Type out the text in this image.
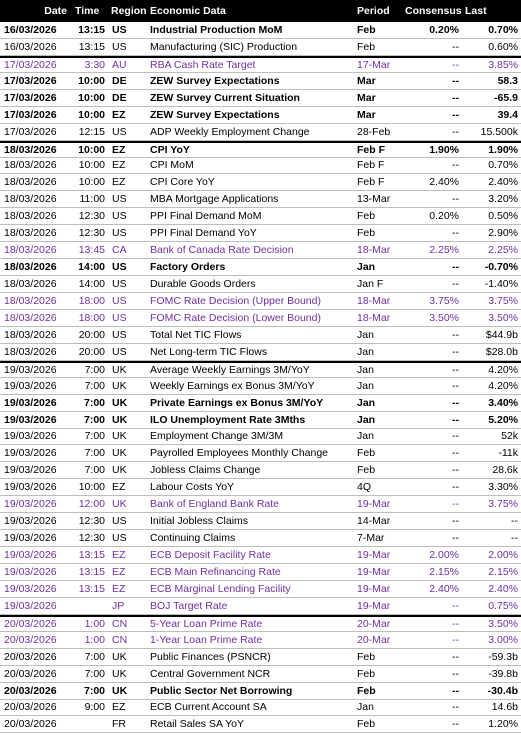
Date Time	Region Economic Data	Period	Consensus Last
16/03/2026	13:15 US	Industrial Production MoM	Feb	0.20%	0.70%
16/03/2026	13:15 US	Manufacturing (SIC) Production	Feb	--	0.60%
17/03/2026	3:30 AU	RBA Cash Rate Target	17-Mar	--	3.85%
17/03/2026	10:00 DE	ZEW Survey Expectations	Mar	--	58.3
17/03/2026	10:00 DE	ZEW Survey Current Situation	Mar	--	-65.9
17/03/2026	10:00 EZ	ZEW Survey Expectations	Mar	--	39.4
17/03/2026	12:15 US	ADP Weekly Employment Change	28-Feb	--	15.500k
18/03/2026	10:00 EZ	CPI YoY	Feb F	1.90%	1.90%
18/03/2026	10:00 EZ	CPI MoM	Feb F	--	0.70%
18/03/2026	10:00 EZ	CPI Core YoY	Feb F	2.40%	2.40%
18/03/2026	11:00 US	MBA Mortgage Applications	13-Mar	--	3.20%
18/03/2026	12:30 US	PPI Final Demand MoM	Feb	0.20%	0.50%
18/03/2026	12:30 US	PPI Final Demand YoY	Feb	--	2.90%
18/03/2026	13:45 CA	Bank of Canada Rate Decision	18-Mar	2.25%	2.25%
18/03/2026	14:00 US	Factory Orders	Jan	--	-0.70%
18/03/2026	14:00 US	Durable Goods Orders	Jan F	--	-1.40%
18/03/2026	18:00 US	FOMC Rate Decision (Upper Bound)	18-Mar	3.75%	3.75%
18/03/2026	18:00 US	FOMC Rate Decision (Lower Bound)	18-Mar	3.50%	3.50%
18/03/2026	20:00 US	Total Net TIC Flows	Jan	--	$44.9b
18/03/2026	20:00 US	Net Long-term TIC Flows	Jan	--	$28.0b
19/03/2026	7:00 UK	Average Weekly Earnings 3M/YoY	Jan	--	4.20%
19/03/2026	7:00 UK	Weekly Earnings ex Bonus 3M/YoY	Jan	--	4.20%
19/03/2026	7:00 UK	Private Earnings ex Bonus 3M/YoY	Jan	--	3.40%
19/03/2026	7:00 UK	ILO Unemployment Rate 3Mths	Jan	--	5.20%
19/03/2026	7:00 UK	Employment Change 3M/3M	Jan	--	52k
19/03/2026	7:00 UK	Payrolled Employees Monthly Change	Feb	--	-11k
19/03/2026	7:00 UK	Jobless Claims Change	Feb	--	28.6k
19/03/2026	10:00 EZ	Labour Costs YoY	4Q	--	3.30%
19/03/2026	12:00 UK	Bank of England Bank Rate	19-Mar	--	3.75%
19/03/2026	12:30 US	Initial Jobless Claims	14-Mar	--	--
19/03/2026	12:30 US	Continuing Claims	7-Mar	--	--
19/03/2026	13:15 EZ	ECB Deposit Facility Rate	19-Mar	2.00%	2.00%
19/03/2026	13:15 EZ	ECB Main Refinancing Rate	19-Mar	2.15%	2.15%
19/03/2026	13:15 EZ	ECB Marginal Lending Facility	19-Mar	2.40%	2.40%
19/03/2026	JP	BOJ Target Rate	19-Mar	--	0.75%
20/03/2026	1:00 CN	5-Year Loan Prime Rate	20-Mar	--	3.50%
20/03/2026	1:00 CN	1-Year Loan Prime Rate	20-Mar	--	3.00%
20/03/2026	7:00 UK	Public Finances (PSNCR)	Feb	--	-59.3b
20/03/2026	7:00 UK	Central Government NCR	Feb	--	-39.8b
20/03/2026	7:00 UK	Public Sector Net Borrowing	Feb	--	-30.4b
20/03/2026	9:00 EZ	ECB Current Account SA	Jan	--	14.6b
20/03/2026	FR	Retail Sales SA YoY	Feb	--	1.20%
